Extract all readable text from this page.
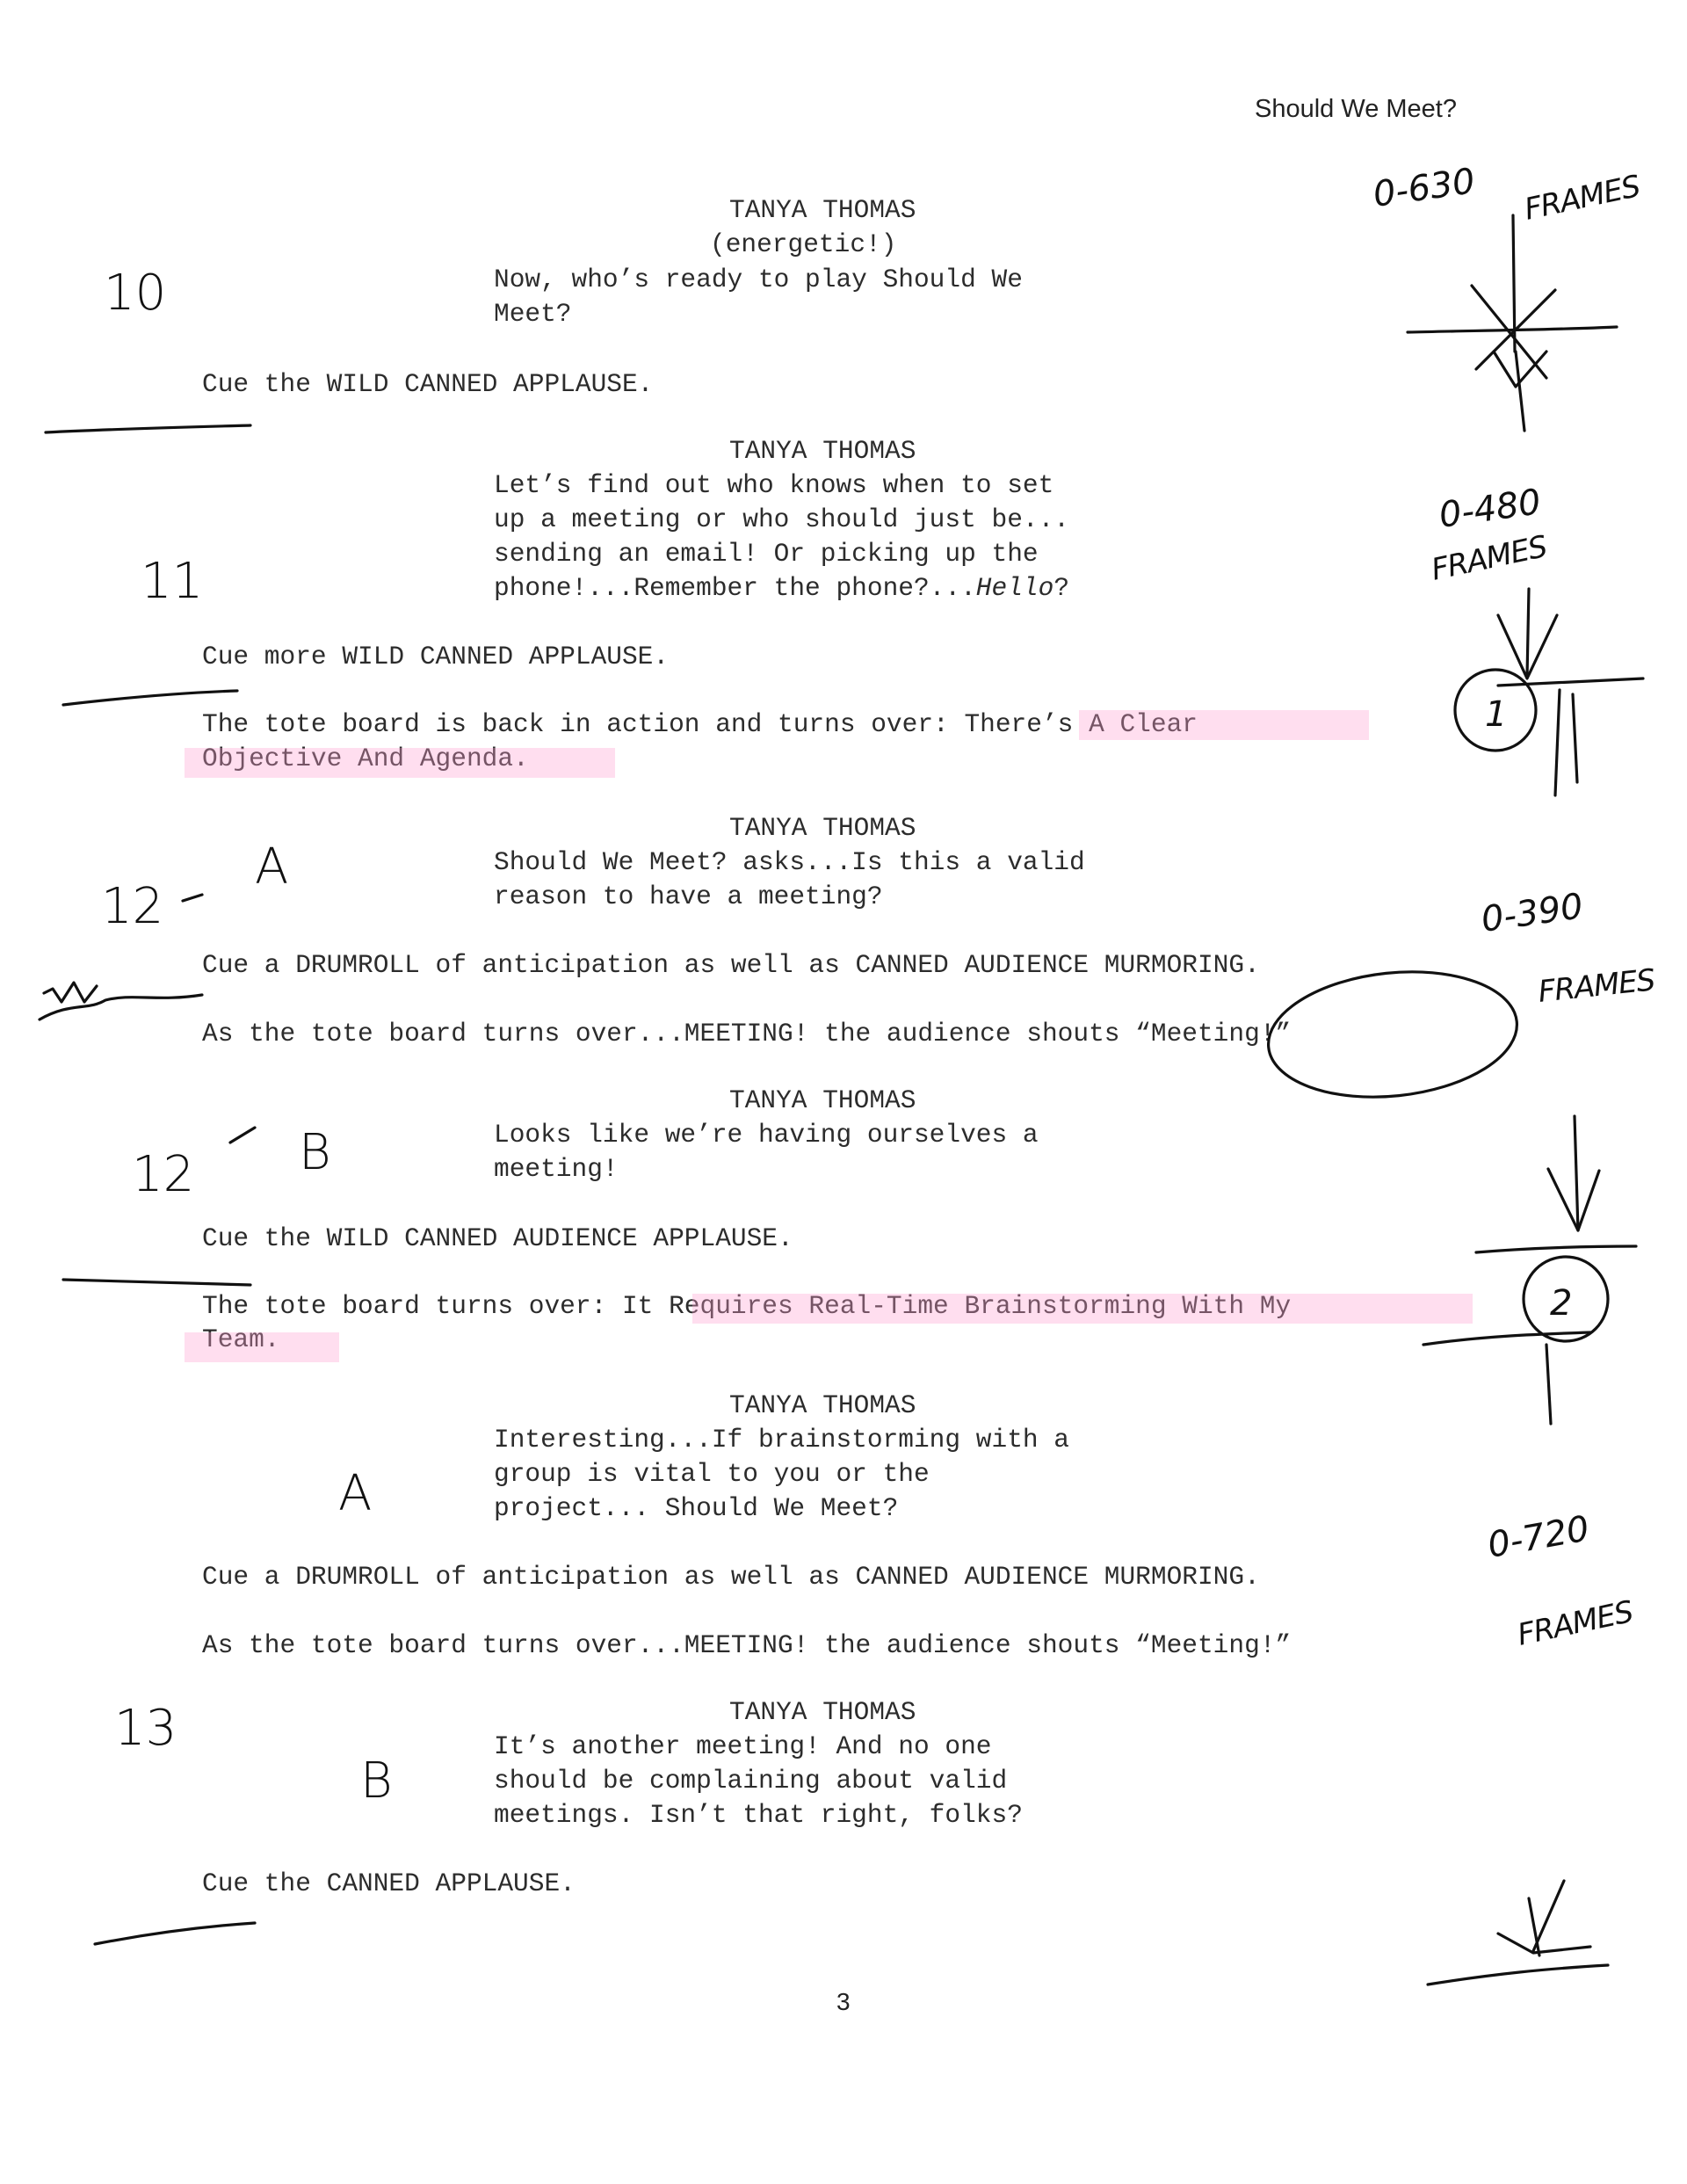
Should We Meet?
TANYA THOMAS
(energetic!)
Now, who’s ready to play Should We
Meet?
Cue the WILD CANNED APPLAUSE.
TANYA THOMAS
Let’s find out who knows when to set
up a meeting or who should just be...
sending an email! Or picking up the
phone!...Remember the phone?...Hello?
Cue more WILD CANNED APPLAUSE.
The tote board is back in action and turns over: There’s A Clear
Objective And Agenda.
TANYA THOMAS
Should We Meet? asks...Is this a valid
reason to have a meeting?
Cue a DRUMROLL of anticipation as well as CANNED AUDIENCE MURMORING.
As the tote board turns over...MEETING! the audience shouts “Meeting!”
TANYA THOMAS
Looks like we’re having ourselves a
meeting!
Cue the WILD CANNED AUDIENCE APPLAUSE.
The tote board turns over: It Requires Real-Time Brainstorming With My
Team.
TANYA THOMAS
Interesting...If brainstorming with a
group is vital to you or the
project... Should We Meet?
Cue a DRUMROLL of anticipation as well as CANNED AUDIENCE MURMORING.
As the tote board turns over...MEETING! the audience shouts “Meeting!”
TANYA THOMAS
It’s another meeting! And no one
should be complaining about valid
meetings. Isn’t that right, folks?
Cue the CANNED APPLAUSE.
3
10
11
12
A
12 B
A
13
B
0-630 FRAMES
0-480
FRAMES
0-390
FRAMES
0-720
FRAMES
1
2
